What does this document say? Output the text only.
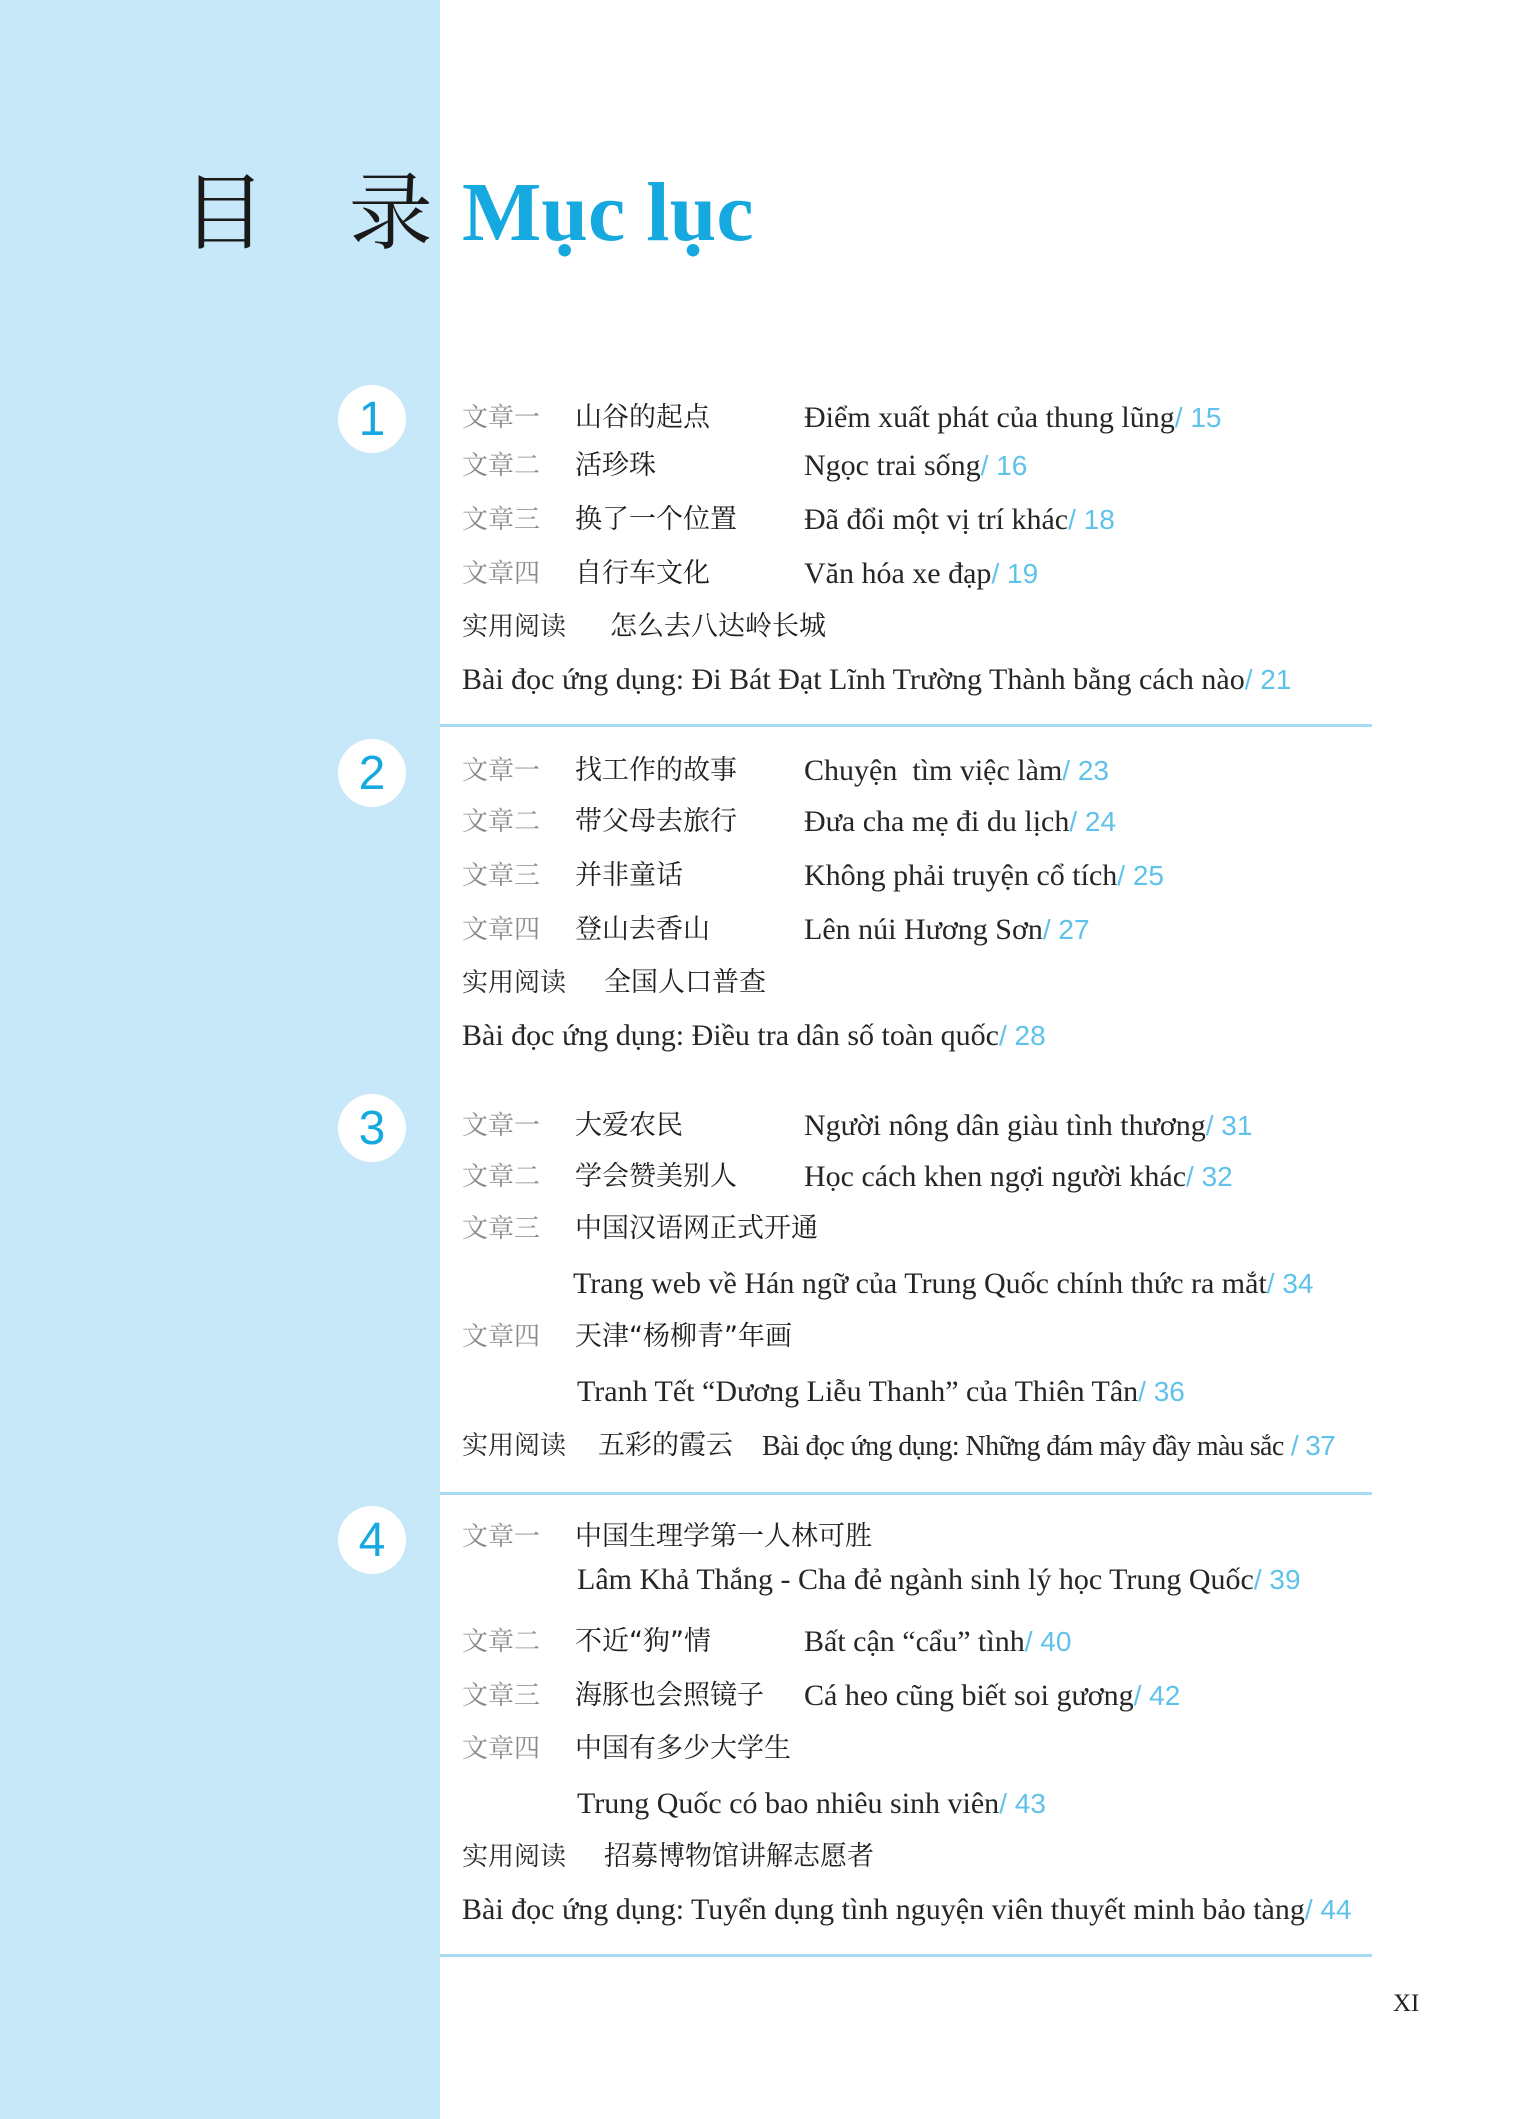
目 录 Mục lục
1	文章一 山谷的起点	Điểm xuất phát của thung lũng/ 15
文章二 活珍珠	Ngọc trai sống/ 16
文章三 换了一个位置 Đã đổi một vị trí khác/ 18
文章四 自行车文化	Văn hóa xe đạp/ 19
实用阅读 怎么去八达岭长城
Bài đọc ứng dụng: Đi Bát Đạt Lĩnh Trường Thành bằng cách nào/ 21
2	文章一 找工作的故事 Chuyện  tìm việc làm/ 23
文章二 带父母去旅行 Đưa cha mẹ đi du lịch/ 24
文章三 并非童话	Không phải truyện cổ tích/ 25
文章四 登山去香山	Lên núi Hương Sơn/ 27
实用阅读 全国人口普查
Bài đọc ứng dụng: Điều tra dân số toàn quốc/ 28
3	文章一 大爱农民	Người nông dân giàu tình thương/ 31
文章二 学会赞美别人 Học cách khen ngợi người khác/ 32
文章三 中国汉语网正式开通
Trang web về Hán ngữ của Trung Quốc chính thức ra mắt/ 34
文章四 天津“杨柳青”年画
Tranh Tết “Dương Liễu Thanh” của Thiên Tân/ 36
实用阅读 五彩的霞云 Bài đọc ứng dụng: Những đám mây đầy màu sắc / 37
4	文章一 中国生理学第一人林可胜
Lâm Khả Thắng - Cha đẻ ngành sinh lý học Trung Quốc/ 39
文章二 不近“狗”情	Bất cận “cẩu” tình/ 40
文章三 海豚也会照镜子 Cá heo cũng biết soi gương/ 42
文章四 中国有多少大学生
Trung Quốc có bao nhiêu sinh viên/ 43
实用阅读 招募博物馆讲解志愿者
Bài đọc ứng dụng: Tuyển dụng tình nguyện viên thuyết minh bảo tàng/ 44
XI
